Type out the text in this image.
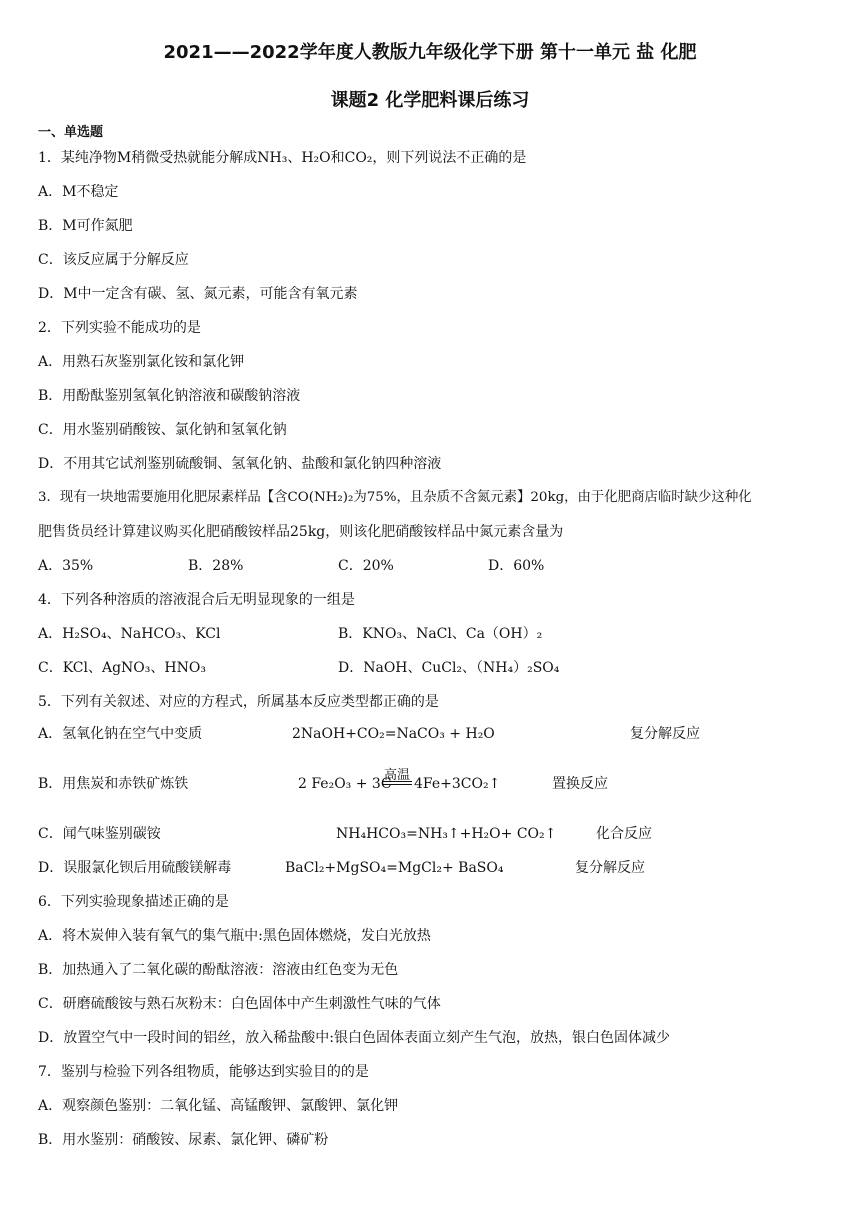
2021——2022学年度人教版九年级化学下册 第十一单元 盐 化肥
课题2 化学肥料课后练习
一、单选题
1．某纯净物M稍微受热就能分解成NH₃、H₂O和CO₂，则下列说法不正确的是
A．M不稳定
B．M可作氮肥
C．该反应属于分解反应
D．M中一定含有碳、氢、氮元素，可能含有氧元素
2．下列实验不能成功的是
A．用熟石灰鉴别氯化铵和氯化钾
B．用酚酞鉴别氢氧化钠溶液和碳酸钠溶液
C．用水鉴别硝酸铵、氯化钠和氢氧化钠
D．不用其它试剂鉴别硫酸铜、氢氧化钠、盐酸和氯化钠四种溶液
3．现有一块地需要施用化肥尿素样品【含CO(NH₂)₂为75%，且杂质不含氮元素】20kg，由于化肥商店临时缺少这种化
肥售货员经计算建议购买化肥硝酸铵样品25kg，则该化肥硝酸铵样品中氮元素含量为
A．35%	B．28%	C．20%	D．60%
4．下列各种溶质的溶液混合后无明显现象的一组是
A．H₂SO₄、NaHCO₃、KCl	B．KNO₃、NaCl、Ca（OH）₂
C．KCl、AgNO₃、HNO₃	D．NaOH、CuCl₂、（NH₄）₂SO₄
5．下列有关叙述、对应的方程式，所属基本反应类型都正确的是
A．氢氧化钠在空气中变质	2NaOH+CO₂=NaCO₃ + H₂O	复分解反应
B．用焦炭和赤铁矿炼铁	2 Fe₂O₃ + 3C
高温
4Fe+3CO₂↑	置换反应
C．闻气味鉴别碳铵	NH₄HCO₃=NH₃↑+H₂O+ CO₂↑	化合反应
D．误服氯化钡后用硫酸镁解毒	BaCl₂+MgSO₄=MgCl₂+ BaSO₄	复分解反应
6．下列实验现象描述正确的是
A．将木炭伸入装有氧气的集气瓶中:黑色固体燃烧，发白光放热
B．加热通入了二氧化碳的酚酞溶液：溶液由红色变为无色
C．研磨硫酸铵与熟石灰粉末：白色固体中产生刺激性气味的气体
D．放置空气中一段时间的铝丝，放入稀盐酸中:银白色固体表面立刻产生气泡，放热，银白色固体减少
7．鉴别与检验下列各组物质，能够达到实验目的的是
A．观察颜色鉴别：二氧化锰、高锰酸钾、氯酸钾、氯化钾
B．用水鉴别：硝酸铵、尿素、氯化钾、磷矿粉
